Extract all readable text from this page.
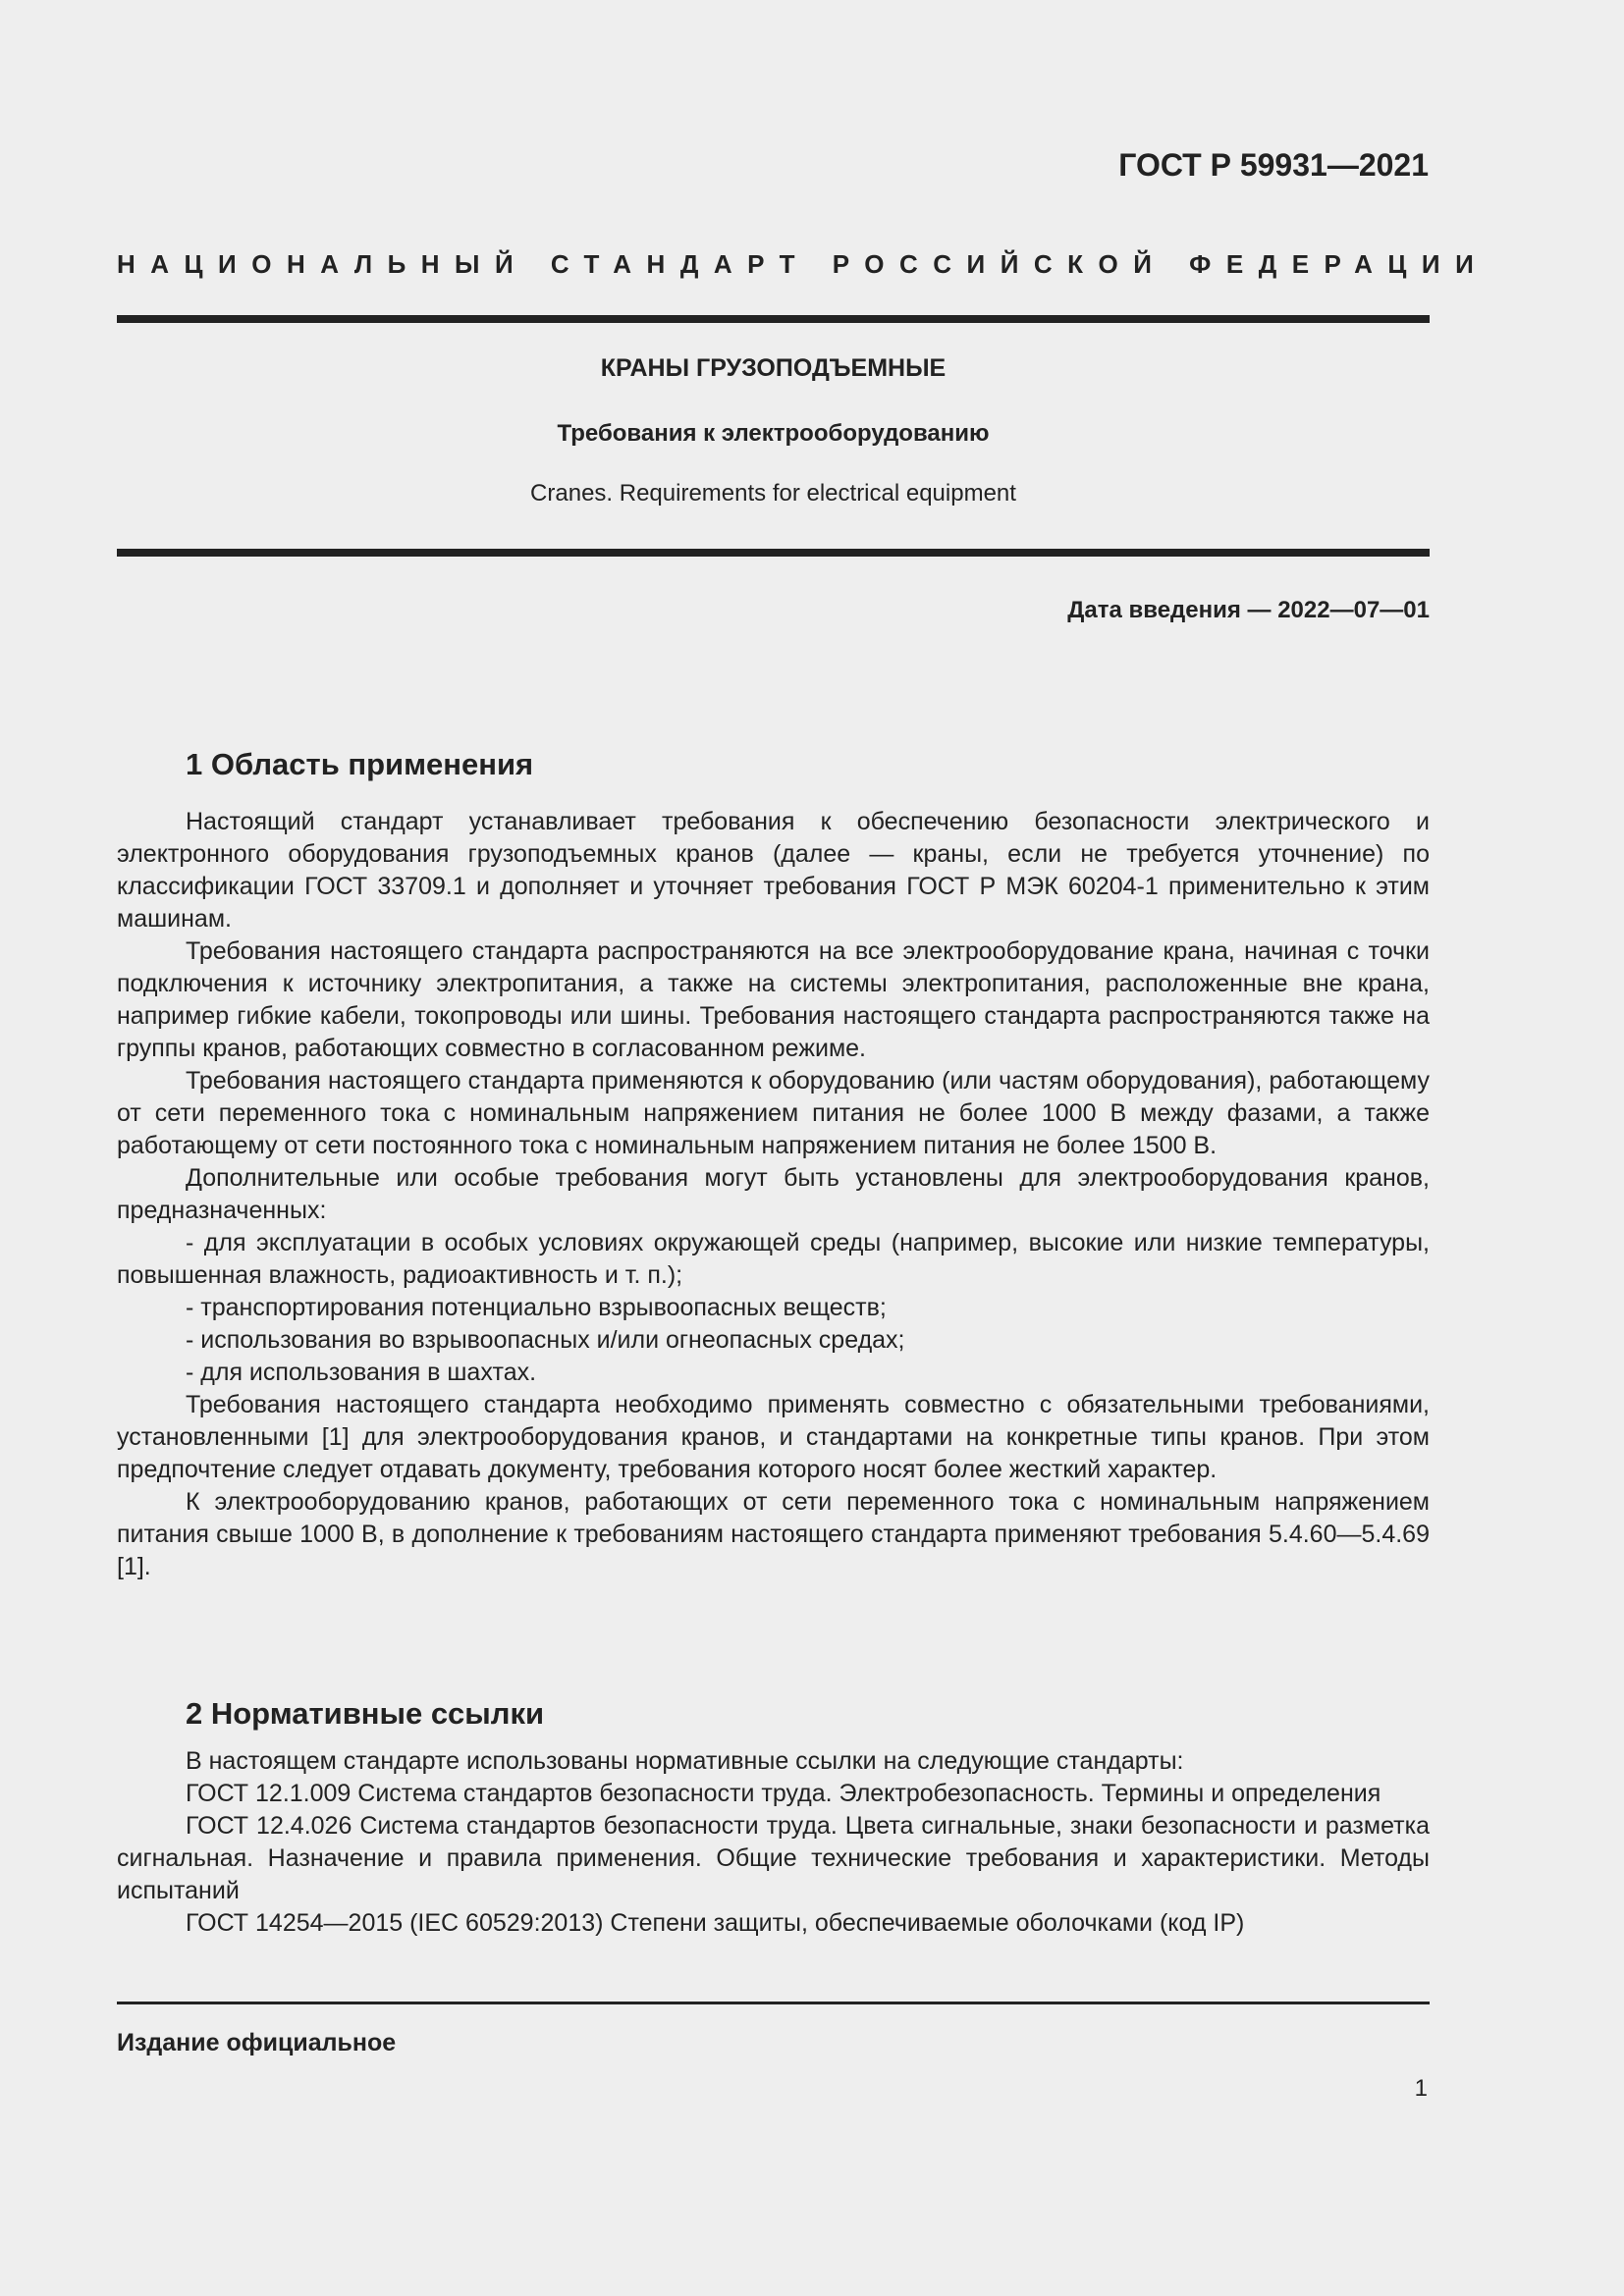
ГОСТ Р 59931—2021
НАЦИОНАЛЬНЫЙ СТАНДАРТ РОССИЙСКОЙ ФЕДЕРАЦИИ
КРАНЫ ГРУЗОПОДЪЕМНЫЕ
Требования к электрооборудованию
Cranes. Requirements for electrical equipment
Дата введения — 2022—07—01
1 Область применения

Настоящий стандарт устанавливает требования к обеспечению безопасности электрического и электронного оборудования грузоподъемных кранов (далее — краны, если не требуется уточнение) по классификации ГОСТ 33709.1 и дополняет и уточняет требования ГОСТ Р МЭК 60204-1 применительно к этим машинам.

Требования настоящего стандарта распространяются на все электрооборудование крана, начиная с точки подключения к источнику электропитания, а также на системы электропитания, расположенные вне крана, например гибкие кабели, токопроводы или шины. Требования настоящего стандарта распространяются также на группы кранов, работающих совместно в согласованном режиме.

Требования настоящего стандарта применяются к оборудованию (или частям оборудования), работающему от сети переменного тока с номинальным напряжением питания не более 1000 В между фазами, а также работающему от сети постоянного тока с номинальным напряжением питания не более 1500 В.

Дополнительные или особые требования могут быть установлены для электрооборудования кранов, предназначенных:

- для эксплуатации в особых условиях окружающей среды (например, высокие или низкие температуры, повышенная влажность, радиоактивность и т. п.);

- транспортирования потенциально взрывоопасных веществ;

- использования во взрывоопасных и/или огнеопасных средах;

- для использования в шахтах.

Требования настоящего стандарта необходимо применять совместно с обязательными требованиями, установленными [1] для электрооборудования кранов, и стандартами на конкретные типы кранов. При этом предпочтение следует отдавать документу, требования которого носят более жесткий характер.

К электрооборудованию кранов, работающих от сети переменного тока с номинальным напряжением питания свыше 1000 В, в дополнение к требованиям настоящего стандарта применяют требования 5.4.60—5.4.69 [1].

2 Нормативные ссылки

В настоящем стандарте использованы нормативные ссылки на следующие стандарты:

ГОСТ 12.1.009 Система стандартов безопасности труда. Электробезопасность. Термины и определения

ГОСТ 12.4.026 Система стандартов безопасности труда. Цвета сигнальные, знаки безопасности и разметка сигнальная. Назначение и правила применения. Общие технические требования и характеристики. Методы испытаний

ГОСТ 14254—2015 (IEC 60529:2013) Степени защиты, обеспечиваемые оболочками (код IP)

Издание официальное
1
